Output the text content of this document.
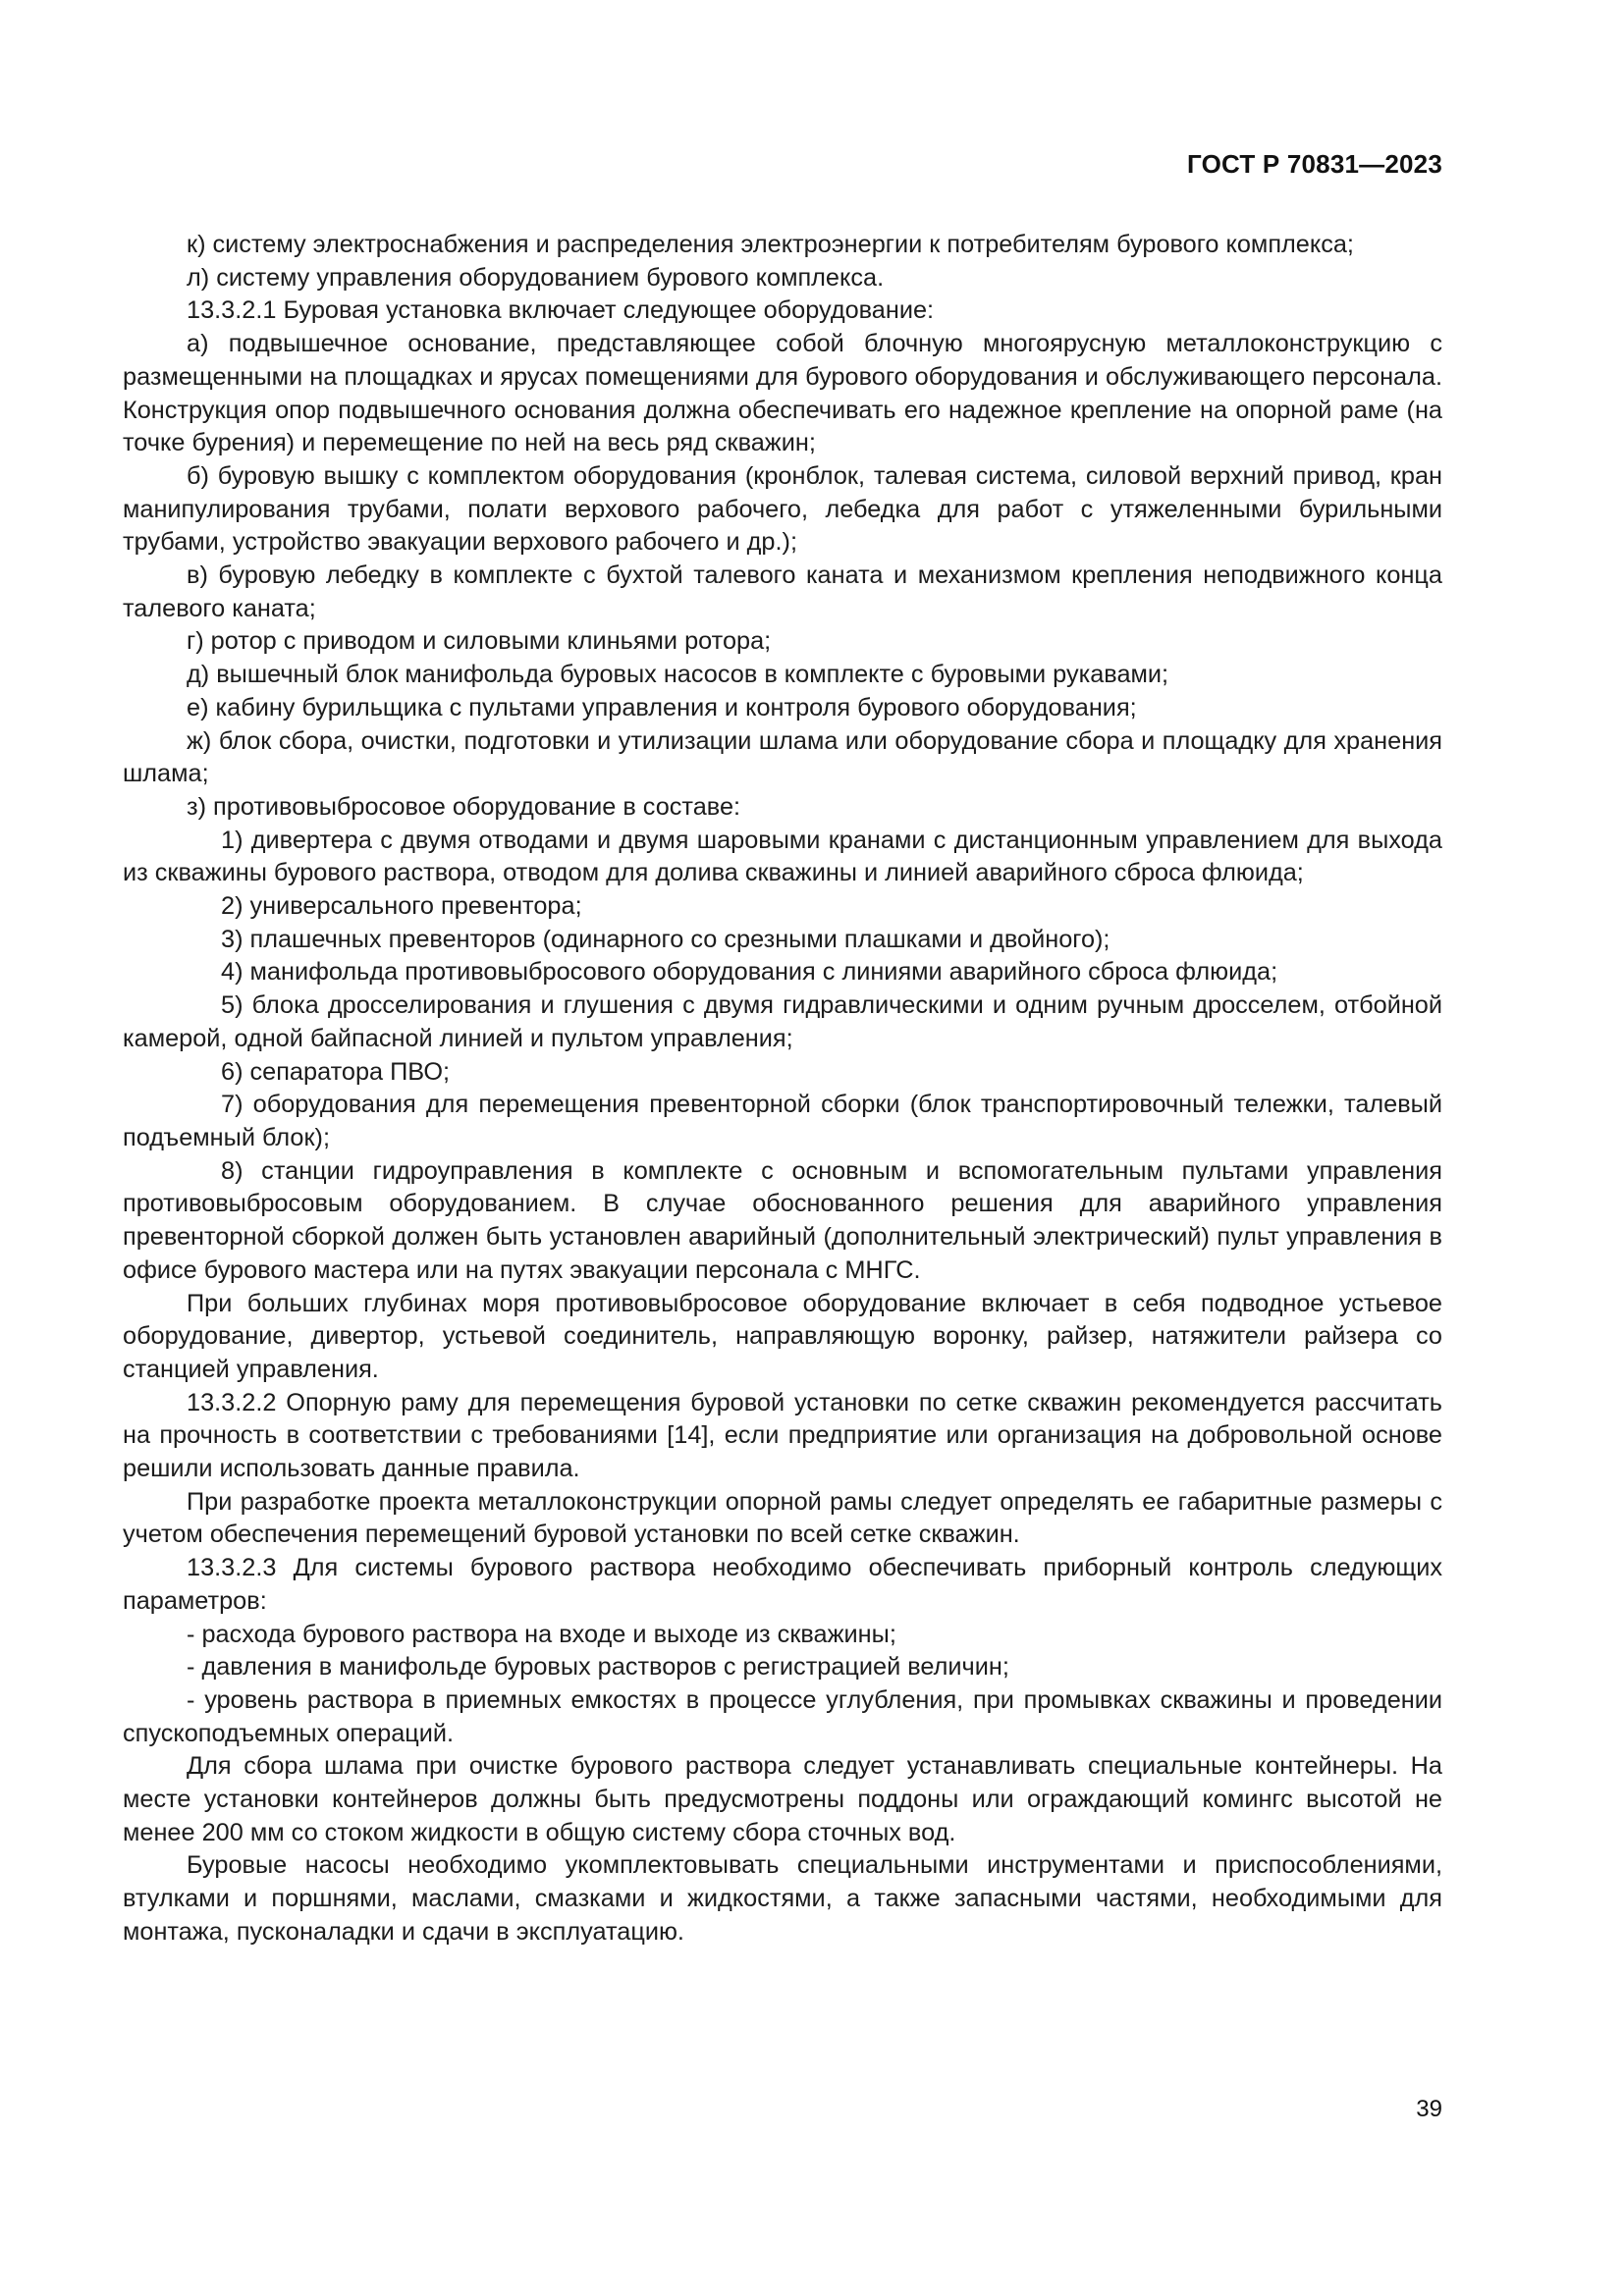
ГОСТ Р 70831—2023

к) систему электроснабжения и распределения электроэнергии к потребителям бурового комплекса;

л) систему управления оборудованием бурового комплекса.

13.3.2.1 Буровая установка включает следующее оборудование:

а) подвышечное основание, представляющее собой блочную многоярусную металлоконструкцию с размещенными на площадках и ярусах помещениями для бурового оборудования и обслуживающего персонала. Конструкция опор подвышечного основания должна обеспечивать его надежное крепление на опорной раме (на точке бурения) и перемещение по ней на весь ряд скважин;

б) буровую вышку с комплектом оборудования (кронблок, талевая система, силовой верхний привод, кран манипулирования трубами, полати верхового рабочего, лебедка для работ с утяжеленными бурильными трубами, устройство эвакуации верхового рабочего и др.);

в) буровую лебедку в комплекте с бухтой талевого каната и механизмом крепления неподвижного конца талевого каната;

г) ротор с приводом и силовыми клиньями ротора;

д) вышечный блок манифольда буровых насосов в комплекте с буровыми рукавами;

е) кабину бурильщика с пультами управления и контроля бурового оборудования;

ж) блок сбора, очистки, подготовки и утилизации шлама или оборудование сбора и площадку для хранения шлама;

з) противовыбросовое оборудование в составе:

1) дивертера с двумя отводами и двумя шаровыми кранами с дистанционным управлением для выхода из скважины бурового раствора, отводом для долива скважины и линией аварийного сброса флюида;

2) универсального превентора;

3) плашечных превенторов (одинарного со срезными плашками и двойного);

4) манифольда противовыбросового оборудования с линиями аварийного сброса флюида;

5) блока дросселирования и глушения с двумя гидравлическими и одним ручным дросселем, отбойной камерой, одной байпасной линией и пультом управления;

6) сепаратора ПВО;

7) оборудования для перемещения превенторной сборки (блок транспортировочный тележки, талевый подъемный блок);

8) станции гидроуправления в комплекте с основным и вспомогательным пультами управления противовыбросовым оборудованием. В случае обоснованного решения для аварийного управления превенторной сборкой должен быть установлен аварийный (дополнительный электрический) пульт управления в офисе бурового мастера или на путях эвакуации персонала с МНГС.

При больших глубинах моря противовыбросовое оборудование включает в себя подводное устьевое оборудование, дивертор, устьевой соединитель, направляющую воронку, райзер, натяжители райзера со станцией управления.

13.3.2.2 Опорную раму для перемещения буровой установки по сетке скважин рекомендуется рассчитать на прочность в соответствии с требованиями [14], если предприятие или организация на добровольной основе решили использовать данные правила.

При разработке проекта металлоконструкции опорной рамы следует определять ее габаритные размеры с учетом обеспечения перемещений буровой установки по всей сетке скважин.

13.3.2.3 Для системы бурового раствора необходимо обеспечивать приборный контроль следующих параметров:

- расхода бурового раствора на входе и выходе из скважины;

- давления в манифольде буровых растворов с регистрацией величин;

- уровень раствора в приемных емкостях в процессе углубления, при промывках скважины и проведении спускоподъемных операций.

Для сбора шлама при очистке бурового раствора следует устанавливать специальные контейнеры. На месте установки контейнеров должны быть предусмотрены поддоны или ограждающий комингс высотой не менее 200 мм со стоком жидкости в общую систему сбора сточных вод.

Буровые насосы необходимо укомплектовывать специальными инструментами и приспособлениями, втулками и поршнями, маслами, смазками и жидкостями, а также запасными частями, необходимыми для монтажа, пусконаладки и сдачи в эксплуатацию.

39
